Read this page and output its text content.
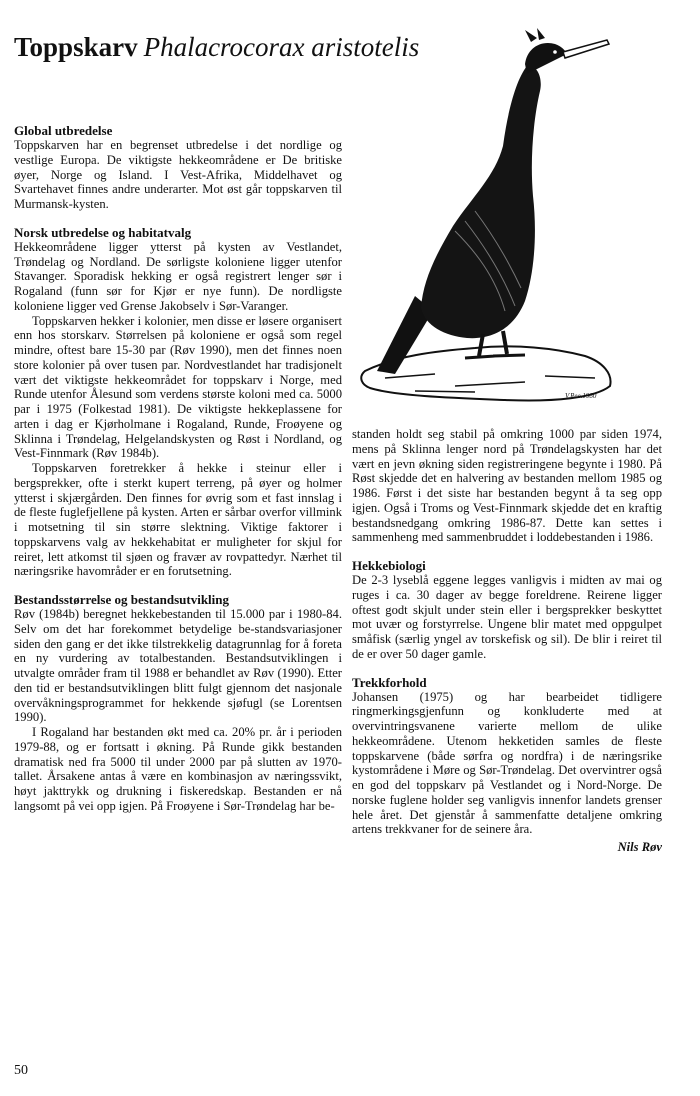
Toppskarv Phalacrocorax aristotelis
V.Ree.1980
Global utbredelse

Toppskarven har en begrenset utbredelse i det nordlige og vestlige Europa. De viktigste hekkeområdene er De britiske øyer, Norge og Island. I Vest-Afrika, Middelhavet og Svartehavet finnes andre underarter. Mot øst går toppskarven til Murmansk-kysten.

Norsk utbredelse og habitatvalg

Hekkeområdene ligger ytterst på kysten av Vestlandet, Trøndelag og Nordland. De sørligste koloniene ligger utenfor Stavanger. Sporadisk hekking er også registrert lenger sør i Rogaland (funn sør for Kjør er nye funn). De nordligste koloniene ligger ved Grense Jakobselv i Sør-Varanger.

Toppskarven hekker i kolonier, men disse er løsere organisert enn hos storskarv. Størrelsen på koloniene er også som regel mindre, oftest bare 15-30 par (Røv 1990), men det finnes noen store kolonier på over tusen par. Nordvestlandet har tradisjonelt vært det viktigste hekkeområdet for toppskarv i Norge, med Runde utenfor Ålesund som verdens største koloni med ca. 5000 par i 1975 (Folkestad 1981). De viktigste hekkeplassene for arten i dag er Kjørholmane i Rogaland, Runde, Froøyene og Sklinna i Trøndelag, Helgelandskysten og Røst i Nordland, og Vest-Finnmark (Røv 1984b).

Toppskarven foretrekker å hekke i steinur eller i bergsprekker, ofte i sterkt kupert terreng, på øyer og holmer ytterst i skjærgården. Den finnes for øvrig som et fast innslag i de fleste fuglefjellene på kysten. Arten er sårbar overfor villmink i motsetning til sin større slektning. Viktige faktorer i toppskarvens valg av hekkehabitat er muligheter for skjul for reiret, lett atkomst til sjøen og fravær av rovpattedyr. Nærhet til næringsrike havområder er en forutsetning.

Bestandsstørrelse og bestandsutvikling

Røv (1984b) beregnet hekkebestanden til 15.000 par i 1980-84. Selv om det har forekommet betydelige be-standsvariasjoner siden den gang er det ikke tilstrekkelig datagrunnlag for å foreta en ny vurdering av totalbestanden. Bestandsutviklingen i utvalgte områder fram til 1988 er behandlet av Røv (1990). Etter den tid er bestandsutviklingen blitt fulgt gjennom det nasjonale overvåkningsprogrammet for hekkende sjøfugl (se Lorentsen 1990).

I Rogaland har bestanden økt med ca. 20% pr. år i perioden 1979-88, og er fortsatt i økning. På Runde gikk bestanden dramatisk ned fra 5000 til under 2000 par på slutten av 1970-tallet. Årsakene antas å være en kombinasjon av næringssvikt, høyt jakttrykk og drukning i fiskeredskap. Bestanden er nå langsomt på vei opp igjen. På Froøyene i Sør-Trøndelag har be-

standen holdt seg stabil på omkring 1000 par siden 1974, mens på Sklinna lenger nord på Trøndelagskysten har det vært en jevn økning siden registreringene begynte i 1980. På Røst skjedde det en halvering av bestanden mellom 1985 og 1986. Først i det siste har bestanden begynt å ta seg opp igjen. Også i Troms og Vest-Finnmark skjedde det en kraftig bestandsnedgang omkring 1986-87. Dette kan settes i sammenheng med sammenbruddet i loddebestanden i 1986.

Hekkebiologi

De 2-3 lyseblå eggene legges vanligvis i midten av mai og ruges i ca. 30 dager av begge foreldrene. Reirene ligger oftest godt skjult under stein eller i bergsprekker beskyttet mot uvær og forstyrrelse. Ungene blir matet med oppgulpet småfisk (særlig yngel av torskefisk og sil). De blir i reiret til de er over 50 dager gamle.

Trekkforhold

Johansen (1975) og har bearbeidet tidligere ringmerkingsgjenfunn og konkluderte med at overvintringsvanene varierte mellom de ulike hekkeområdene. Utenom hekketiden samles de fleste toppskarvene (både sørfra og nordfra) i de næringsrike kystområdene i Møre og Sør-Trøndelag. Det overvintrer også en god del toppskarv på Vestlandet og i Nord-Norge. De norske fuglene holder seg vanligvis innenfor landets grenser hele året. Det gjenstår å sammenfatte detaljene omkring artens trekkvaner for de seinere åra.

Nils Røv
50
